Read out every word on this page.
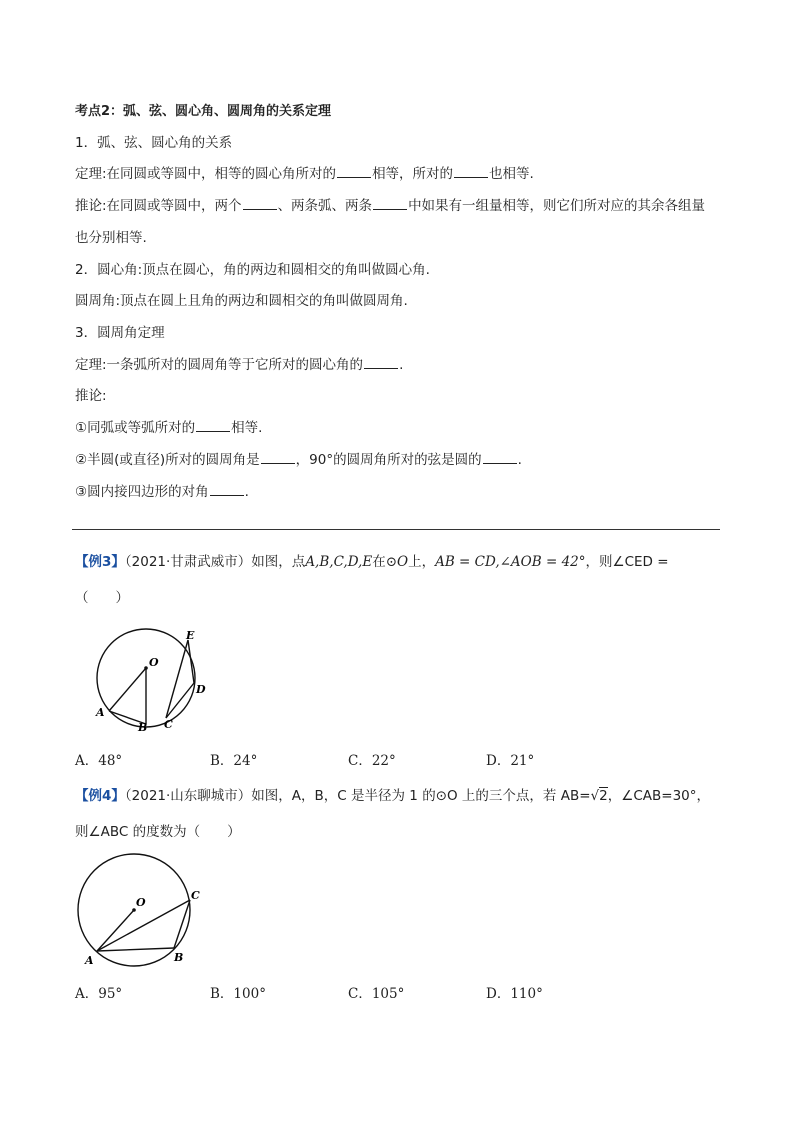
考点2：弧、弦、圆心角、圆周角的关系定理
1．弧、弦、圆心角的关系
定理:在同圆或等圆中，相等的圆心角所对的	相等，所对的	也相等.
推论:在同圆或等圆中，两个	、两条弧、两条	中如果有一组量相等，则它们所对应的其余各组量
也分别相等.
2．圆心角:顶点在圆心，角的两边和圆相交的角叫做圆心角.
圆周角:顶点在圆上且角的两边和圆相交的角叫做圆周角.
3．圆周角定理
定理:一条弧所对的圆周角等于它所对的圆心角的	.
推论:
①同弧或等弧所对的	相等.
②半圆(或直径)所对的圆周角是	，90°的圆周角所对的弦是圆的	.
③圆内接四边形的对角	.
【例3】（2021·甘肃武威市）如图，点A,B,C,D,E在⊙O上，AB = CD,∠AOB = 42°，则∠CED =
（　　）
O
A
B C
D
E
A．48°	B．24°	C．22°	D．21°
【例4】（2021·山东聊城市）如图，A，B，C 是半径为 1 的⊙O 上的三个点，若 AB=√2，∠CAB=30°，
则∠ABC 的度数为（　　）
O
A	B
C
A．95°	B．100°	C．105°	D．110°
